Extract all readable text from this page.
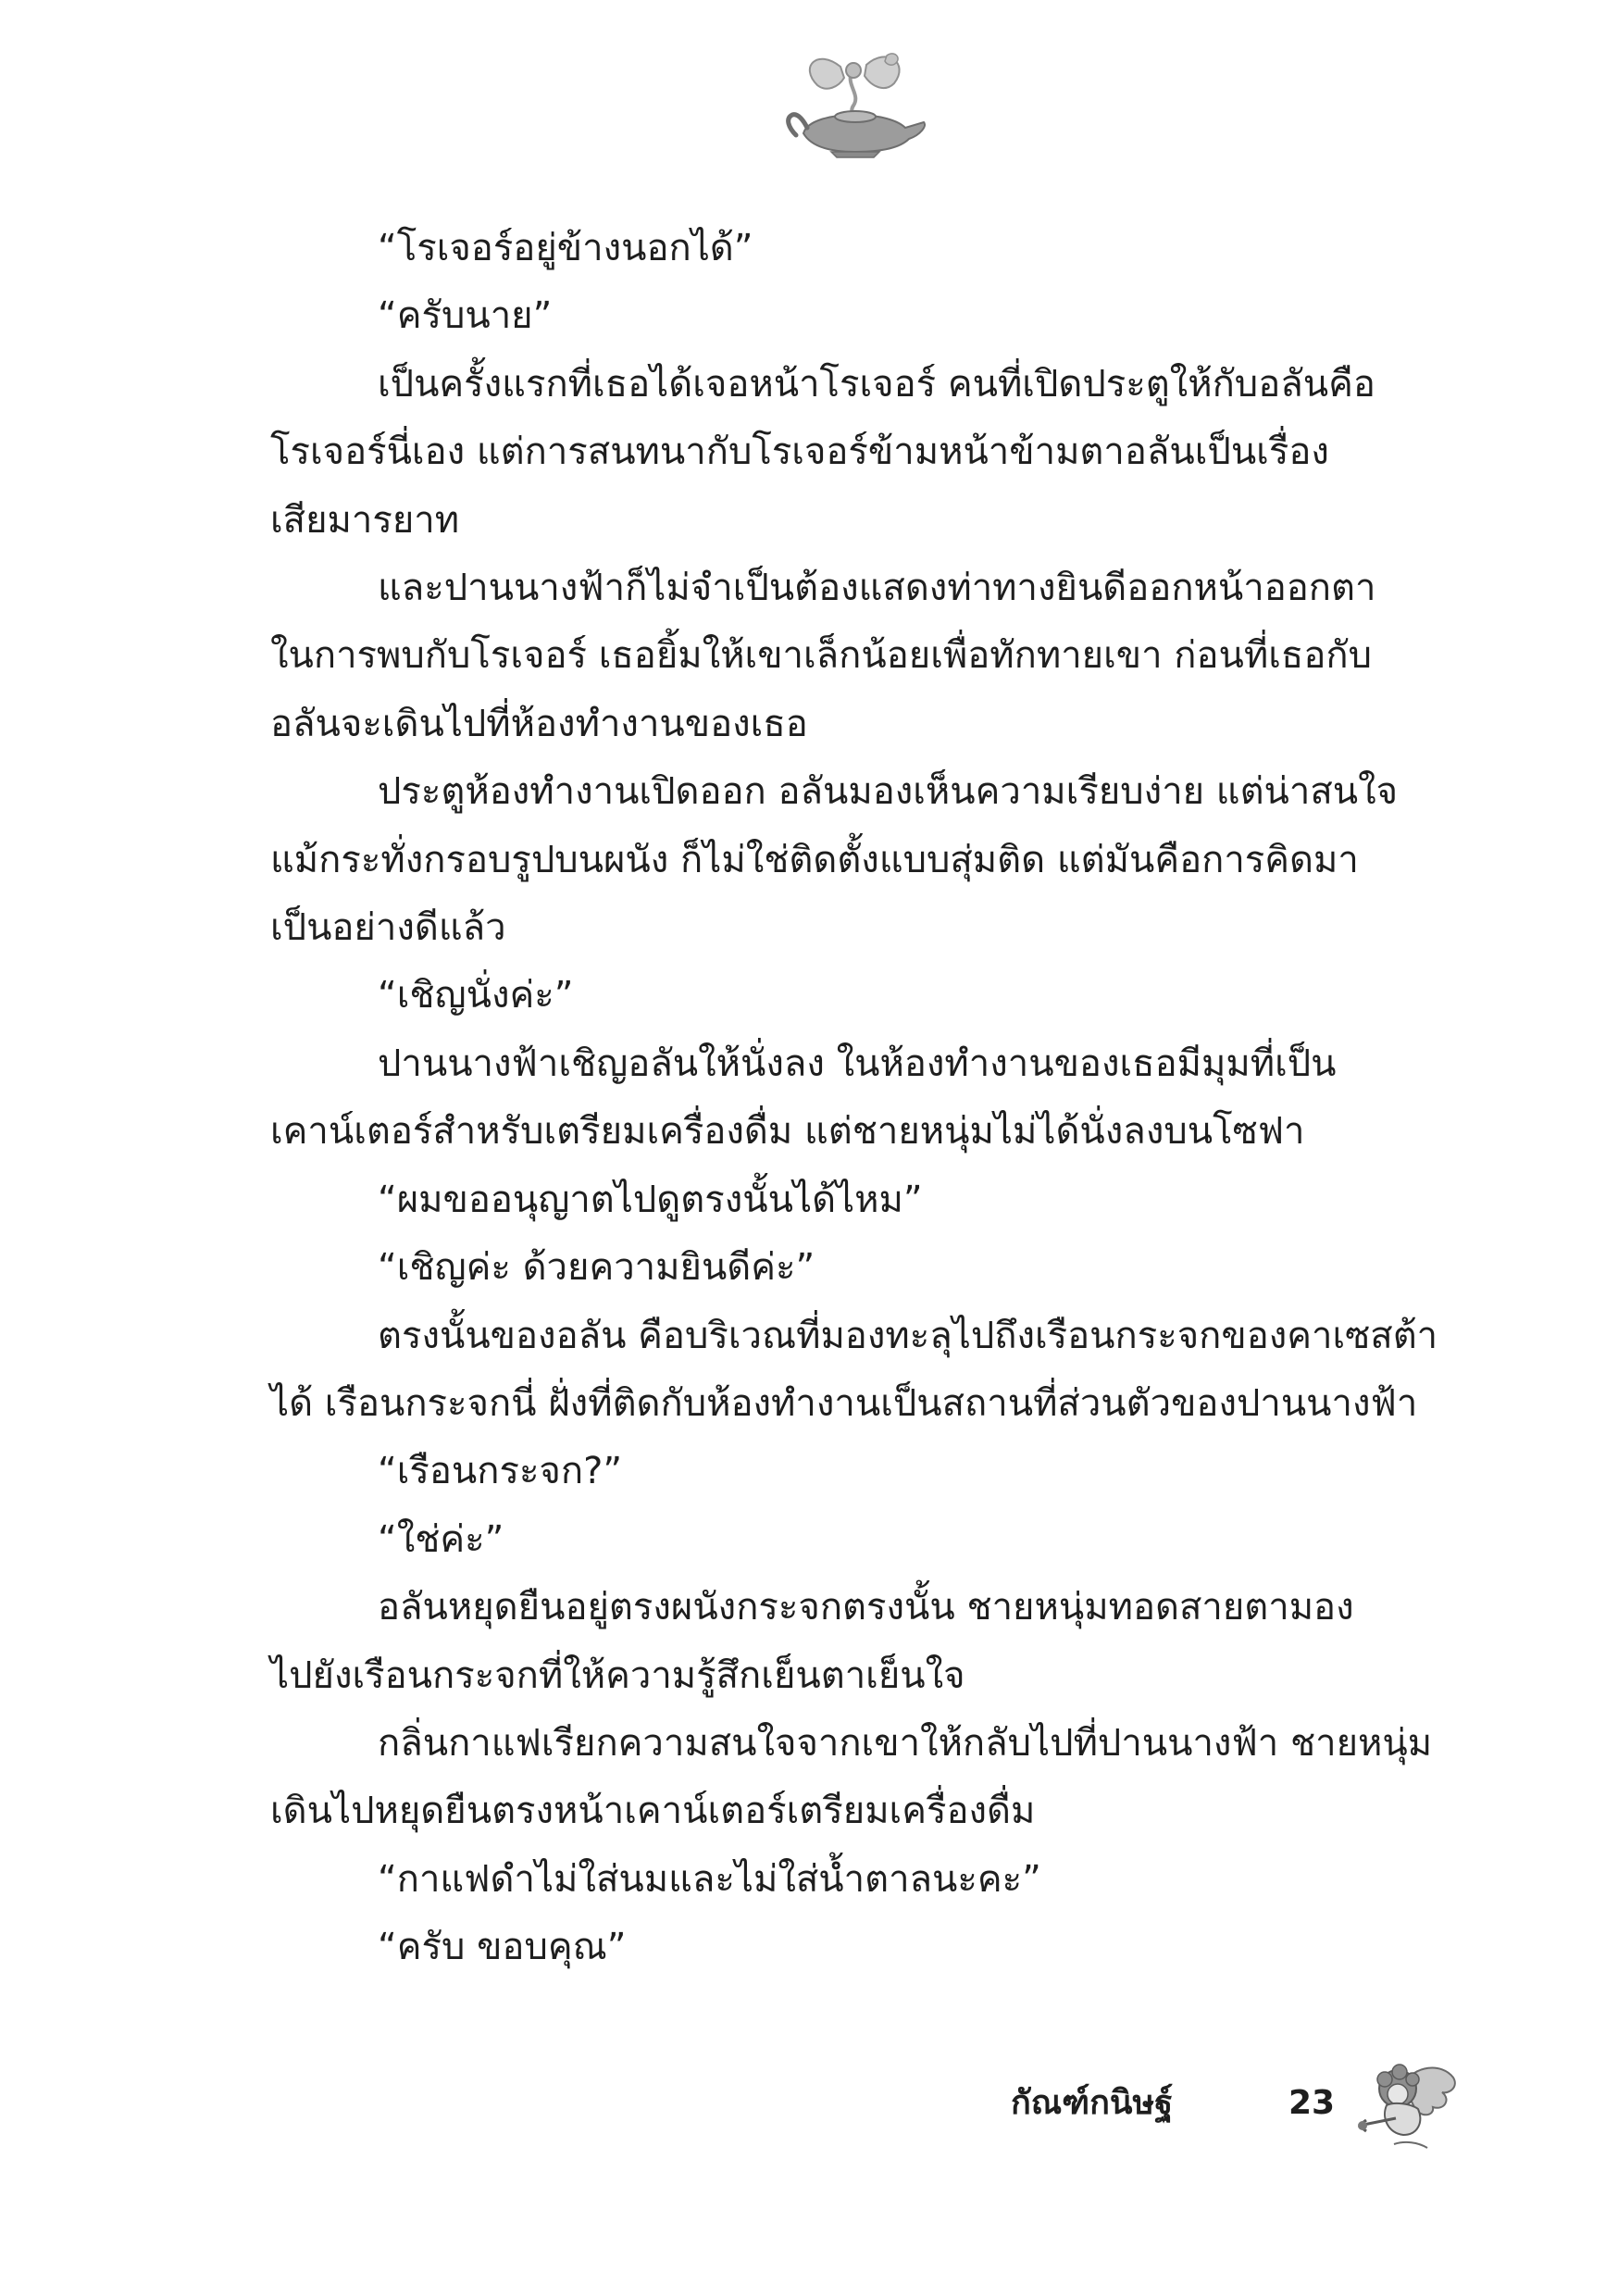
“โรเจอร์อยู่ข้างนอกได้”

“ครับนาย”

เป็นครั้งแรกที่เธอได้เจอหน้าโรเจอร์ คนที่เปิดประตูให้กับอลันคือ

โรเจอร์นี่เอง แต่การสนทนากับโรเจอร์ข้ามหน้าข้ามตาอลันเป็นเรื่อง

เสียมารยาท

และปานนางฟ้าก็ไม่จำเป็นต้องแสดงท่าทางยินดีออกหน้าออกตา

ในการพบกับโรเจอร์ เธอยิ้มให้เขาเล็กน้อยเพื่อทักทายเขา ก่อนที่เธอกับ

อลันจะเดินไปที่ห้องทำงานของเธอ

ประตูห้องทำงานเปิดออก อลันมองเห็นความเรียบง่าย แต่น่าสนใจ

แม้กระทั่งกรอบรูปบนผนัง ก็ไม่ใช่ติดตั้งแบบสุ่มติด แต่มันคือการคิดมา

เป็นอย่างดีแล้ว

“เชิญนั่งค่ะ”

ปานนางฟ้าเชิญอลันให้นั่งลง ในห้องทำงานของเธอมีมุมที่เป็น

เคาน์เตอร์สำหรับเตรียมเครื่องดื่ม แต่ชายหนุ่มไม่ได้นั่งลงบนโซฟา

“ผมขออนุญาตไปดูตรงนั้นได้ไหม”

“เชิญค่ะ ด้วยความยินดีค่ะ”

ตรงนั้นของอลัน คือบริเวณที่มองทะลุไปถึงเรือนกระจกของคาเซสต้า

ได้ เรือนกระจกนี่ ฝั่งที่ติดกับห้องทำงานเป็นสถานที่ส่วนตัวของปานนางฟ้า

“เรือนกระจก?”

“ใช่ค่ะ”

อลันหยุดยืนอยู่ตรงผนังกระจกตรงนั้น ชายหนุ่มทอดสายตามอง

ไปยังเรือนกระจกที่ให้ความรู้สึกเย็นตาเย็นใจ

กลิ่นกาแฟเรียกความสนใจจากเขาให้กลับไปที่ปานนางฟ้า ชายหนุ่ม

เดินไปหยุดยืนตรงหน้าเคาน์เตอร์เตรียมเครื่องดื่ม

“กาแฟดำไม่ใส่นมและไม่ใส่น้ำตาลนะคะ”

“ครับ ขอบคุณ”

กัณฑ์กนิษฐ์	23
